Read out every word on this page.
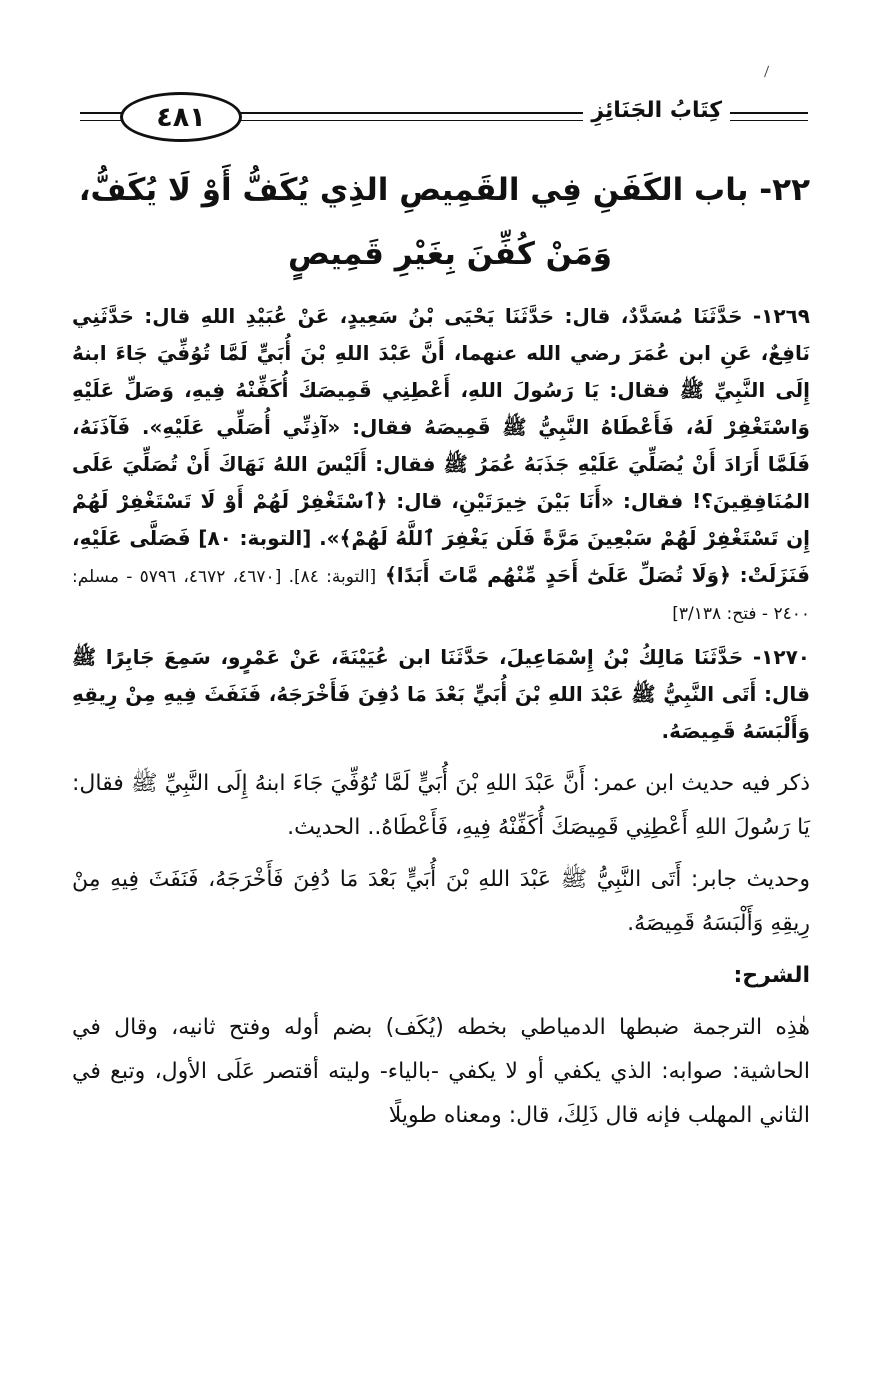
٤٨١	كِتَابُ الجَنَائِزِ
٢٢- باب الكَفَنِ فِي القَمِيصِ الذِي يُكَفُّ أَوْ لَا يُكَفُّ،
وَمَنْ كُفِّنَ بِغَيْرِ قَمِيصٍ
١٢٦٩- حَدَّثَنَا مُسَدَّدٌ، قال: حَدَّثَنَا يَحْيَى بْنُ سَعِيدٍ، عَنْ عُبَيْدِ اللهِ قال: حَدَّثَنِي نَافِعٌ، عَنِ ابن عُمَرَ رضي الله عنهما، أَنَّ عَبْدَ اللهِ بْنَ أُبَيٍّ لَمَّا تُوُفِّيَ جَاءَ ابنهُ إِلَى النَّبِيِّ ﷺ فقال: يَا رَسُولَ اللهِ، أَعْطِنِي قَمِيصَكَ أُكَفِّنْهُ فِيهِ، وَصَلِّ عَلَيْهِ وَاسْتَغْفِرْ لَهُ، فَأَعْطَاهُ النَّبِيُّ ﷺ قَمِيصَهُ فقال: «آذِنِّي أُصَلِّي عَلَيْهِ». فَآذَنَهُ، فَلَمَّا أَرَادَ أَنْ يُصَلِّيَ عَلَيْهِ جَذَبَهُ عُمَرُ ﷺ فقال: أَلَيْسَ اللهُ نَهَاكَ أَنْ تُصَلِّيَ عَلَى المُنَافِقِينَ؟! فقال: «أَنَا بَيْنَ خِيرَتَيْنِ، قال: ﴿ٱسْتَغْفِرْ لَهُمْ أَوْ لَا تَسْتَغْفِرْ لَهُمْ إِن تَسْتَغْفِرْ لَهُمْ سَبْعِينَ مَرَّةً فَلَن يَغْفِرَ ٱللَّهُ لَهُمْ﴾». [التوبة: ٨٠] فَصَلَّى عَلَيْهِ، فَنَزَلَتْ: ﴿وَلَا تُصَلِّ عَلَىٰٓ أَحَدٍ مِّنْهُم مَّاتَ أَبَدًا﴾ [التوبة: ٨٤]. [٤٦٧٠، ٤٦٧٢، ٥٧٩٦ - مسلم: ٢٤٠٠ - فتح: ٣/١٣٨]
١٢٧٠- حَدَّثَنَا مَالِكُ بْنُ إِسْمَاعِيلَ، حَدَّثَنَا ابن عُيَيْنَةَ، عَنْ عَمْرٍو، سَمِعَ جَابِرًا ﷺ قال: أَتَى النَّبِيُّ ﷺ عَبْدَ اللهِ بْنَ أُبَيٍّ بَعْدَ مَا دُفِنَ فَأَخْرَجَهُ، فَنَفَثَ فِيهِ مِنْ رِيقِهِ وَأَلْبَسَهُ قَمِيصَهُ.
ذكر فيه حديث ابن عمر: أَنَّ عَبْدَ اللهِ بْنَ أُبَيٍّ لَمَّا تُوُفِّيَ جَاءَ ابنهُ إِلَى النَّبِيِّ ﷺ فقال: يَا رَسُولَ اللهِ أَعْطِنِي قَمِيصَكَ أُكَفِّنْهُ فِيهِ، فَأَعْطَاهُ.. الحديث.
وحديث جابر: أَتَى النَّبِيُّ ﷺ عَبْدَ اللهِ بْنَ أُبَيٍّ بَعْدَ مَا دُفِنَ فَأَخْرَجَهُ، فَنَفَثَ فِيهِ مِنْ رِيقِهِ وَأَلْبَسَهُ قَمِيصَهُ.
الشرح:
هٰذِه الترجمة ضبطها الدمياطي بخطه (يُكَف) بضم أوله وفتح ثانيه، وقال في الحاشية: صوابه: الذي يكفي أو لا يكفي -بالياء- وليته أقتصر عَلَى الأول، وتبع في الثاني المهلب فإنه قال ذَلِكَ، قال: ومعناه طويلًا
